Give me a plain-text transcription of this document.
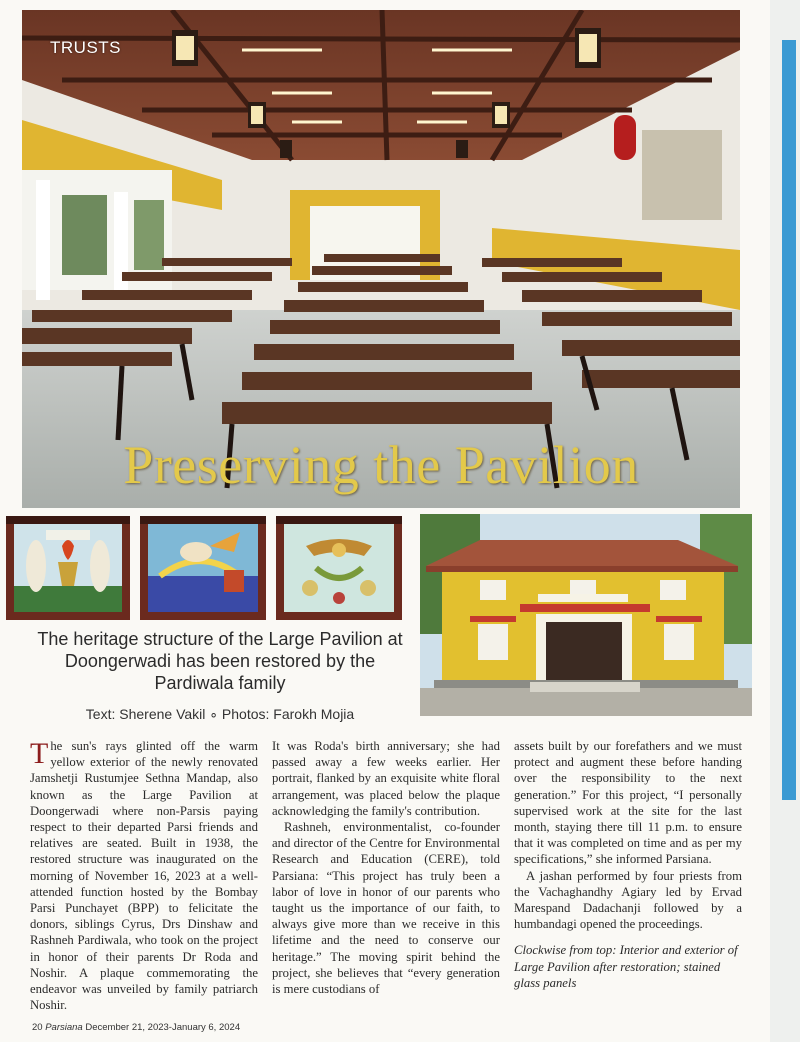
TRUSTS
Preserving the Pavilion

The heritage structure of the Large Pavilion at Doongerwadi has been restored by the Pardiwala family

Text: Sherene Vakil ∘ Photos: Farokh Mojia

The sun's rays glinted off the warm yellow exterior of the newly renovated Jamshetji Rustumjee Sethna Mandap, also known as the Large Pavilion at Doongerwadi where non-Parsis paying respect to their departed Parsi friends and relatives are seated. Built in 1938, the restored structure was inaugurated on the morning of November 16, 2023 at a well-attended function hosted by the Bombay Parsi Punchayet (BPP) to felicitate the donors, siblings Cyrus, Drs Dinshaw and Rashneh Pardiwala, who took on the project in honor of their parents Dr Roda and Noshir. A plaque commemorating the endeavor was unveiled by family patriarch Noshir.

It was Roda's birth anniversary; she had passed away a few weeks earlier. Her portrait, flanked by an exquisite white floral arrangement, was placed below the plaque acknowledging the family's contribution.

Rashneh, environmentalist, co-founder and director of the Centre for Environmental Research and Education (CERE), told Parsiana: “This project has truly been a labor of love in honor of our parents who taught us the importance of our faith, to always give more than we receive in this lifetime and the need to conserve our heritage.” The moving spirit behind the project, she believes that “every generation is mere custodians of

assets built by our forefathers and we must protect and augment these before handing over the responsibility to the next generation.” For this project, “I personally supervised work at the site for the last month, staying there till 11 p.m. to ensure that it was completed on time and as per my specifications,” she informed Parsiana.

A jashan performed by four priests from the Vachaghandhy Agiary led by Ervad Marespand Dadachanji followed by a humbandagi opened the proceedings.

Clockwise from top: Interior and exterior of Large Pavilion after restoration; stained glass panels
20 Parsiana December 21, 2023-January 6, 2024
